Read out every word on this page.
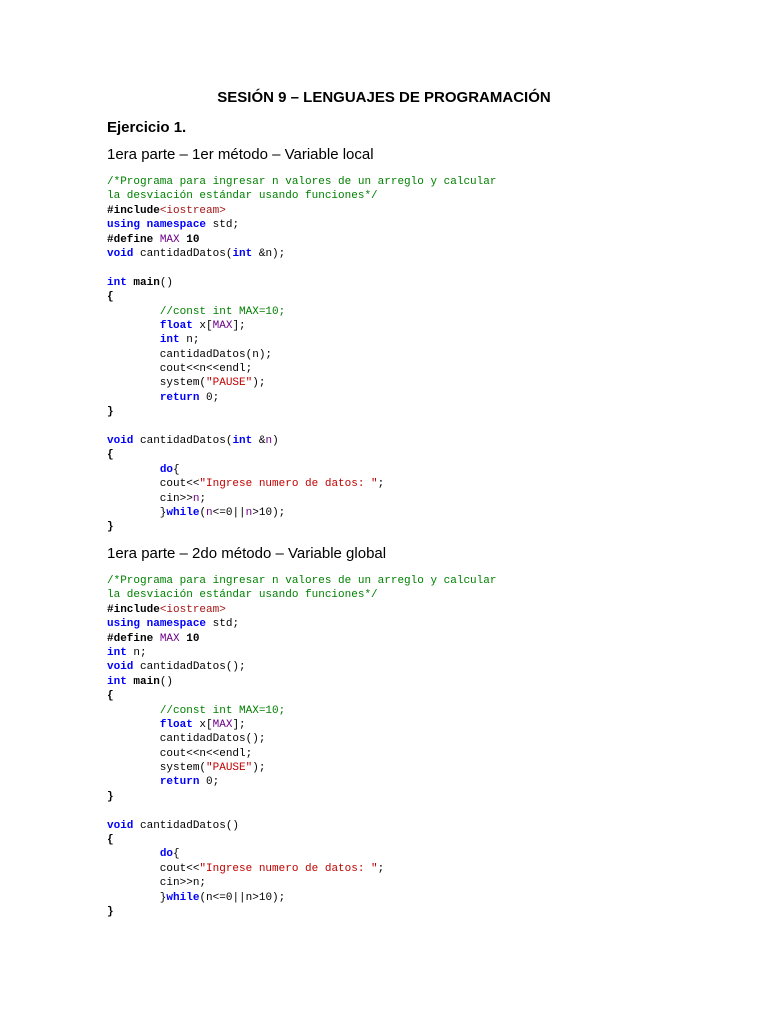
SESIÓN 9 – LENGUAJES DE PROGRAMACIÓN
Ejercicio 1.
1era parte – 1er método – Variable local
/*Programa para ingresar n valores de un arreglo y calcular
la desviación estándar usando funciones*/
#include<iostream>
using namespace std;
#define MAX 10
void cantidadDatos(int &n);

int main()
{
//const int MAX=10;
float x[MAX];
int n;
cantidadDatos(n);
cout<<n<<endl;
system("PAUSE");
return 0;
}

void cantidadDatos(int &n)
{
do{
cout<<"Ingrese numero de datos: ";
cin>>n;
}while(n<=0||n>10);
}
1era parte – 2do método – Variable global
/*Programa para ingresar n valores de un arreglo y calcular
la desviación estándar usando funciones*/
#include<iostream>
using namespace std;
#define MAX 10
int n;
void cantidadDatos();
int main()
{
//const int MAX=10;
float x[MAX];
cantidadDatos();
cout<<n<<endl;
system("PAUSE");
return 0;
}

void cantidadDatos()
{
do{
cout<<"Ingrese numero de datos: ";
cin>>n;
}while(n<=0||n>10);
}
